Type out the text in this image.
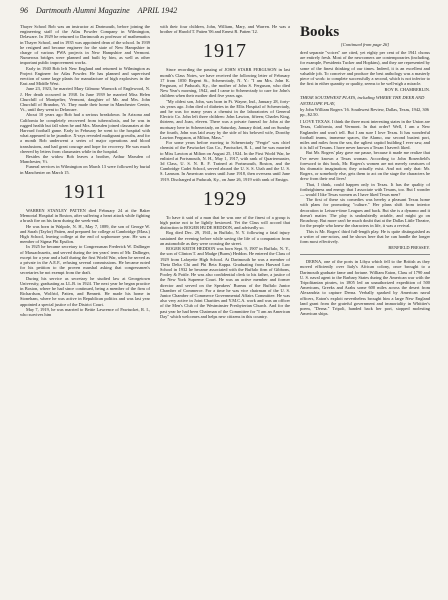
96 Dartmouth Alumni Magazine APRIL 1942

Thayer School Bob was an instructor at Dartmouth, before joining the engineering staff of the Atlas Powder Company in Wilmington, Delaware. In 1929 he returned to Dartmouth as professor of mathematics in Thayer School, and in 1935 was appointed dean of the school. In 1939 he resigned and became engineer for the state of New Hampshire in charge of various PWA projects in New Hampshire and Vermont. Numerous bridges were planned and built by him, as well as other important public improvement works.

Early in 1940 Bob left New England and returned to Wilmington as Project Engineer for Atlas Powder. He has planned and supervised erection of some large plants for manufacture of high explosives in the East and Middle West.

June 23, 1923, he married Mary Gilmour Warnock of Englewood, N. J. Her death occurred in 1938. In June 1939 he married Miss Helen Churchill of Montpelier, Vermont, daughter of Mr. and Mrs. John Churchill of Brandon, Vt. They made their home in Manchester Center, Vt., until they went to Delaware.

About 10 years ago Bob had a serious breakdown. In Arizona and California he completely recovered from tuberculosis, and he was in rugged health but fall when he and Mrs. Marsden joined classmates at the Harvard football game. Early in February he went to the hospital with what appeared to be jaundice. X-rays revealed malignant growths, and for a month Bob underwent a series of major operations and blood transfusions, and had great courage and hope for recovery. He was much cheered by letters from classmates while in the hospital.

Besides the widow Bob leaves a brother, Arthur Marsden of Manchester, Vt.

Funeral services in Wilmington on March 13 were followed by burial in Manchester on March 15.

1911

WARREN STANLEY PATTEN died February 24 at the Baker Memorial Hospital in Boston, after suffering a heart attack while fighting a brush fire on his farm during the week-end.

He was born in Walpole, N. H., May 7, 1889, the son of George W. and Sarah (Taylor) Patten, and prepared for college at Cambridge (Mass.) High School, leaving college at the end of sophomore year. He was a member of Sigma Phi Epsilon.

In 1925 he became secretary to Congressman Frederick W. Dallinger of Massachusetts, and served during the ten years' term of Mr. Dallinger, except for a year and a half during the first World War, when he served as a private in the A.E.F., refusing several commissions. He became noted for his petition to the proven marshal asking that congressmen's secretaries be not exempt from the draft.

During his service as secretary he studied law at Georgetown University, graduating as LL.B. in 1924. The next year he began practice in Boston, where he had since continued, being a member of the firm of Richardson, Wolfrid, Patten, and Bennett. He made his home in Stoneham, where he was active in Republican politics and was last year appointed a special justice of the District Court.

May 7, 1919, he was married to Bettie Lawrence of Pawtucket, R. I., who survives him

with their four children, John, William, Mary, and Warren. He was a brother of Harold T. Patten '06 and Ernest R. Patten '12.

1917

Since recording the passing of JOHN STARR FERGUSON in last month's Class Notes, we have received the following letter of February 17 from 1050 Regent St., Schenectady, N. Y.: "I am Mrs. John K. Ferguson, of Paducah, Ky., the mother of John S. Ferguson, who died New Year's morning, 1942, and I came to Schenectady to care for John's children when their mother died five years ago.

"My oldest son, John, was born in Ft. Wayne, Ind., January 28, forty-six years ago. John died of diabetes in the Ellis Hospital of Schenectady, and he was for many years a chemist in the laboratories of General Electric Co. John left three children: John Lawton, fifteen; Charles King, thirteen, and Joan, eleven. There was a private funeral for John at the mortuary here in Schenectady, on Saturday, January third, and on Sunday the fourth, John was laid away by the side of his beloved wife, Dorothy Lawton Ferguson, at Milton, Mass."

For some years before moving to Schenectady "Fergie" was chief chemist of the Pawtucket Gas Co., Pawtucket, R. I., and he was married to Miss Lawton at Milton on August 25, 1924. In the First World War, he enlisted at Portsmouth, N. H., May 1, 1917, with rank of Quartermaster, 3d Class, U. S. N. R. F. Trained at Portsmouth, Boston, and the Cambridge Cadet School, served aboard the U. S. S. Utah and the U. S. S. Lamson. In American waters until June 1918, then overseas until June 1919. Discharged at Paducah, Ky., on June 26, 1919 with rank of Ensign.

1929

To have it said of a man that he was one of the finest of a group is high praise not to be lightly bestowed. Yet the Class will accord that distinction to ROGER HUDE HEDDON, and advisedly so.

Rog died Dec. 29, 1941, in Buffalo, N. Y. following a fatal injury sustained the evening before while saving the life of a companion from an automobile as they were crossing the street.

ROGER KEITH HEDDON was born Sept. 9, 1907 in Buffalo, N. Y., the son of Clinton T. and Madge (Burns) Heddon. He entered the Class of 1929 from Lafayette High School. At Dartmouth he was a member of Theta Delta Chi and Phi Beta Kappa. Graduating from Harvard Law School in 1932 he became associated with the Buffalo firm of Gibbons, Pooley & Pottle. He was also confidential clerk to his father, a justice of the New York Supreme Court. He was an active member and former director and served on the Speakers' Bureau of the Buffalo Junior Chamber of Commerce. For a time he was vice chairman of the U. S. Junior Chamber of Commerce Governmental Affairs Committee. He was also very active in Joint Charities and Y.M.C.A. work and was an officer of the Men's Club of the Westminster Presbyterian Church. And for the past year he had been Chairman of the Committee for "I am an American Day" which welcomes and helps new citizens in this country.

Books
[Continued from page 26]

dred separate "voices" are cited, yet eighty per cent of the 1941 chorus are entirely fresh. Most of the newcomers are contemporaries (including, for example, Presidents Tucker and Hopkins), and they are represented by some of the finest thinking of our times. Indeed, it is an excellent and valuable job. To conceive and produce the best anthology was a masterly piece of work: to complete successfully a second, which is not inferior to the first in either quantity or quality, seems to be well-nigh a miracle.

ROY B. CHAMBERLIN.
THESE SOUTHWEST PLAYS, including WHERE THE DEER AND ANTELOPE PLAY,
by John William Rogers '16. Southwest Review, Dallas, Texas, 1942, 306 pp., $2.50.

I LOVE TEXAS. I think the three most interesting states in the Union are Texas, California, and Vermont. In that order? Well, I am a New Englander and won't tell. But I am sure I love Texas. It has wonderful football teams, immense spaces, the Alamo, our second busiest port, miles and miles from the sea, the ugliest capitol building I ever saw, and it is full of Texans. I have never known a Texan I haven't liked.

But Mr. Rogers' play gave me pause, because it made me realize that I've never known a Texas woman. According to John Rosenfield's foreword to this book, Mr. Rogers's women are not merely creatures of his dramatic imagination; they actually exist. And not only that: Mr. Rogers, or somebody else, gets them to act on the stage the characters he drew from their real lives!

That, I think, could happen only in Texas. It has the quality of forthrightness and energy that I associate with Texans, too. But I wonder — would I like Texas women as I have liked Texas men?

The first of these six comedies was hereby a pleasant Texas home with plans for promoting "culture." Her plans shift from interior decoration to Leisure-time Leagues and back. But she is a dynamo and it doesn't matter. The play is undoubtedly actable, and might go on Broadway. But more can't be much doubt that at the Dallas Little Theatre, for the people who knew the characters in life, it was a revival.

This is Mr. Rogers' third full-length play. He is quite distinguished as a writer of one-actors, and he shows here that he can handle the longer form most effectively.

BENFIELD PRESSEY.

DERNA, one of the ports in Libya which fell to the British as they moved efficiently over Italy's African colony, once brought to a Dartmouth graduate fame and fortune. William Eaton, Class of 1790 and U. S. naval agent to the Barbary States during the American war with the Tripolitanian pirates, in 1805 led an unauthorized expedition of 500 Americans, Greeks and Arabs some 600 miles across the desert from Alexandria to capture Derna. Verbally sparked by American naval officers, Eaton's exploit nevertheless brought him a large New England land grant from the grateful government and immortality in Whittier's poem, "Derna." Tripoli, handed back her port, stopped molesting American ships.
